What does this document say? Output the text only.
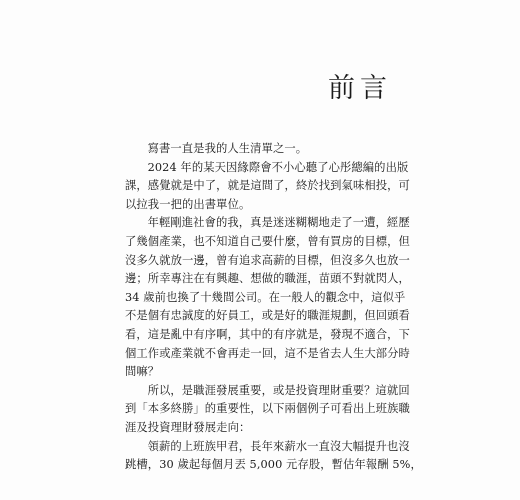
前言

寫書一直是我的人生清單之一。

2024 年的某天因緣際會不小心聽了心彤總編的出版
課，感覺就是中了，就是這間了，終於找到氣味相投，可
以拉我一把的出書單位。

年輕剛進社會的我，真是迷迷糊糊地走了一遭，經歷
了幾個產業，也不知道自己要什麼，曾有買房的目標，但
沒多久就放一邊，曾有追求高薪的目標，但沒多久也放一
邊；所幸專注在有興趣、想做的職涯，苗頭不對就閃人，
34 歲前也換了十幾間公司。在一般人的觀念中，這似乎
不是個有忠誠度的好員工，或是好的職涯規劃，但回頭看
看，這是亂中有序啊，其中的有序就是，發現不適合，下
個工作或產業就不會再走一回，這不是省去人生大部分時
間嘛？

所以，是職涯發展重要，或是投資理財重要？這就回
到「本多終勝」的重要性，以下兩個例子可看出上班族職
涯及投資理財發展走向：

領薪的上班族甲君，長年來薪水一直沒大幅提升也沒
跳槽，30 歲起每個月丟 5,000 元存股，暫估年報酬 5%，
